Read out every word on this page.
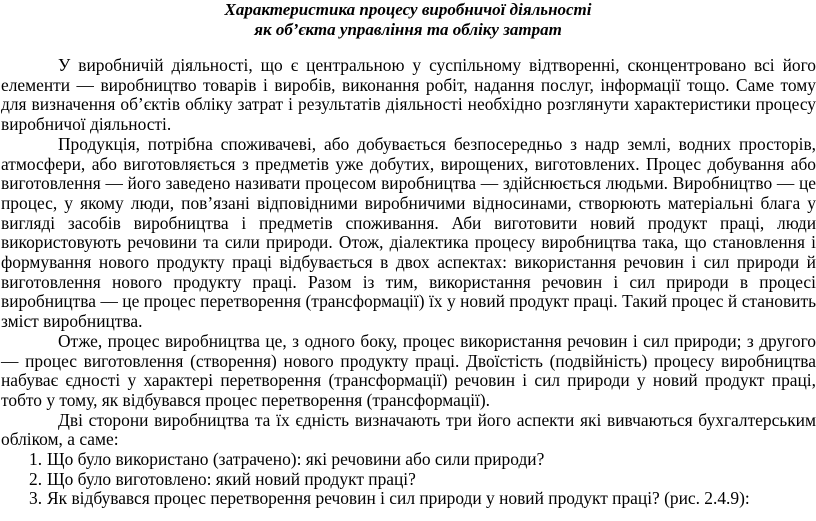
Характеристика процесу виробничої діяльності
як об’єкта управління та обліку затрат

У виробничій діяльності, що є центральною у суспільному відтворенні, сконцентровано всі його елементи — виробництво товарів і виробів, виконання робіт, надання послуг, інформації тощо. Саме тому для визначення об’єктів обліку затрат і результатів діяльності необхідно розглянути характеристики процесу виробничої діяльності.

Продукція, потрібна споживачеві, або добувається безпосередньо з надр землі, водних просторів, атмосфери, або виготовляється з предметів уже добутих, вирощених, виготовлених. Процес добування або виготовлення — його заведено називати процесом виробництва — здійснюється людьми. Виробництво — це процес, у якому люди, пов’язані відповідними виробничими відносинами, створюють матеріальні блага у вигляді засобів виробництва і предметів споживання. Аби виготовити новий продукт праці, люди використовують речовини та сили природи. Отож, діалектика процесу виробництва така, що становлення і формування нового продукту праці відбувається в двох аспектах: використання речовин і сил природи й виготовлення нового продукту праці. Разом із тим, використання речовин і сил природи в процесі виробництва — це процес перетворення (трансформації) їх у новий продукт праці. Такий процес й становить зміст виробництва.

Отже, процес виробництва це, з одного боку, процес використання речовин і сил природи; з другого — процес виготовлення (створення) нового продукту праці. Двоїстість (подвійність) процесу виробництва набуває єдності у характері перетворення (трансформації) речовин і сил природи у новий продукт праці, тобто у тому, як відбувався процес перетворення (трансформації).

Дві сторони виробництва та їх єдність визначають три його аспекти які вивчаються бухгалтерським обліком, а саме:

1. Що було використано (затрачено): які речовини або сили природи?
2. Що було виготовлено: який новий продукт праці?
3. Як відбувався процес перетворення речовин і сил природи у новий продукт праці? (рис. 2.4.9):
